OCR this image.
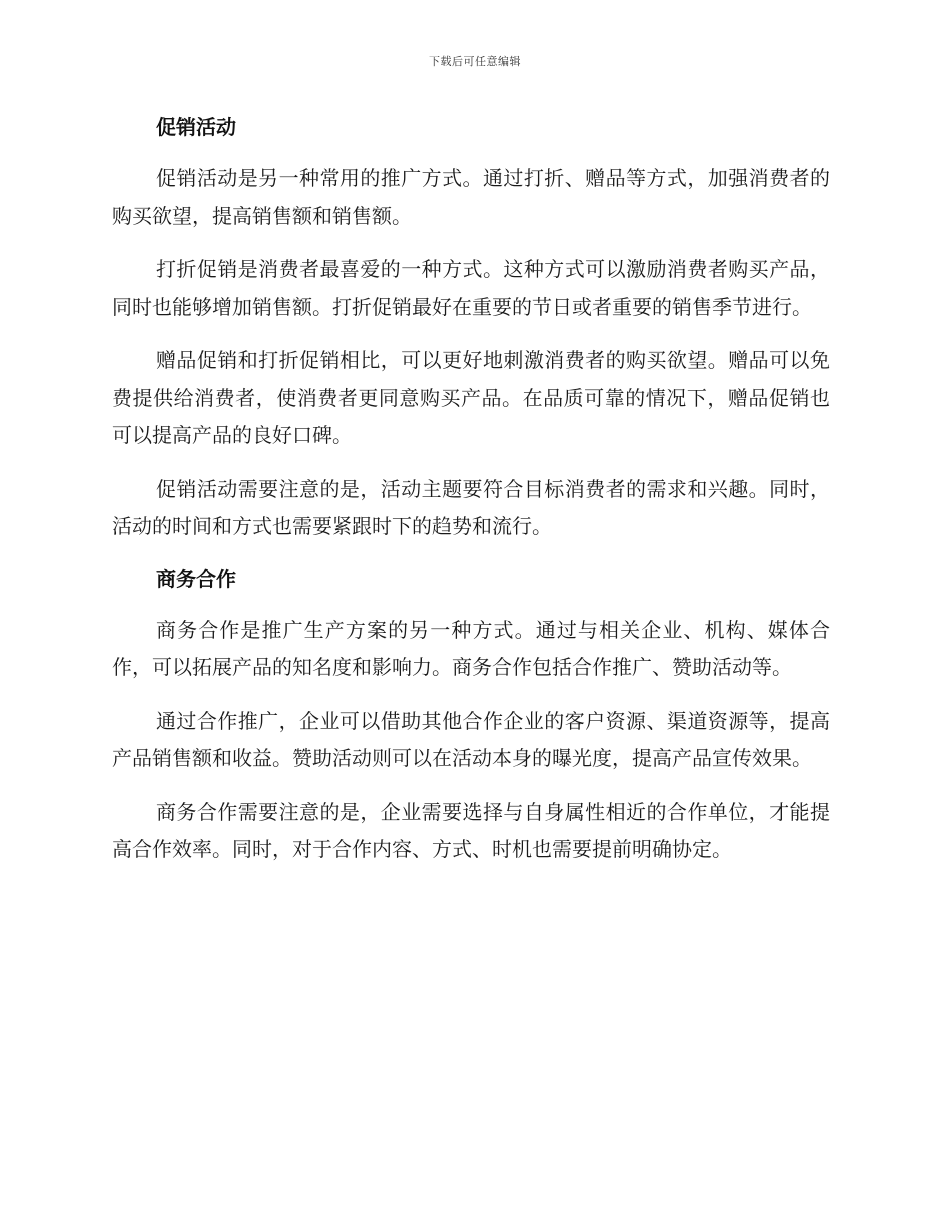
下载后可任意编辑
促销活动

促销活动是另一种常用的推广方式。通过打折、赠品等方式，加强消费者的购买欲望，提高销售额和销售额。

打折促销是消费者最喜爱的一种方式。这种方式可以激励消费者购买产品，同时也能够增加销售额。打折促销最好在重要的节日或者重要的销售季节进行。

赠品促销和打折促销相比，可以更好地刺激消费者的购买欲望。赠品可以免费提供给消费者，使消费者更同意购买产品。在品质可靠的情况下，赠品促销也可以提高产品的良好口碑。

促销活动需要注意的是，活动主题要符合目标消费者的需求和兴趣。同时，活动的时间和方式也需要紧跟时下的趋势和流行。

商务合作

商务合作是推广生产方案的另一种方式。通过与相关企业、机构、媒体合作，可以拓展产品的知名度和影响力。商务合作包括合作推广、赞助活动等。

通过合作推广，企业可以借助其他合作企业的客户资源、渠道资源等，提高产品销售额和收益。赞助活动则可以在活动本身的曝光度，提高产品宣传效果。

商务合作需要注意的是，企业需要选择与自身属性相近的合作单位，才能提高合作效率。同时，对于合作内容、方式、时机也需要提前明确协定。
